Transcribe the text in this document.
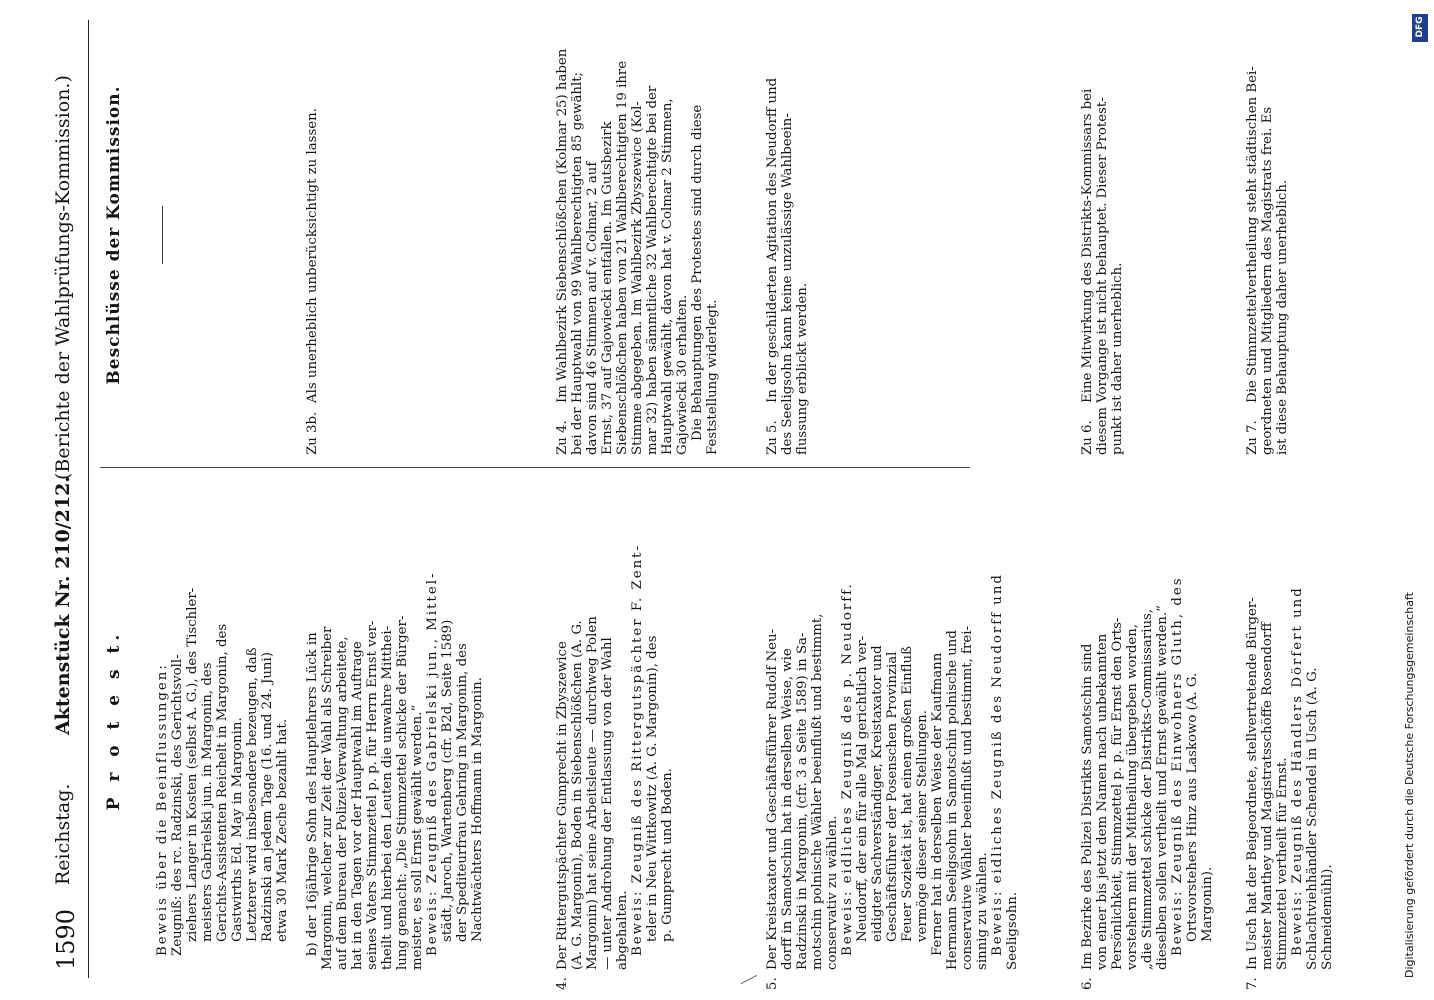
1590
Reichstag.
Aktenstück Nr. 210/212.
(Berichte der Wahlprüfungs-Kommission.)
P r o t e s t. Beweis über die Beeinflussungen: Zeugniß: des rc. Radzinski, des Gerichtsvoll- ziehers Langer in Kosten (selbst A. G.), des Tischler- meisters Gabrielski jun. in Margonin, des Gerichts-Assistenten Reichelt in Margonin, des Gastwirths Ed. May in Margonin. Letzterer wird insbesondere bezeugen, daß Radzinski an jedem Tage (16. und 24. Juni) etwa 30 Mark Zeche bezahlt hat. b) der 16jährige Sohn des Hauptlehrers Lück in Margonin, welcher zur Zeit der Wahl als Schreiber auf dem Bureau der Polizei-Verwaltung arbeitete, hat in den Tagen vor der Hauptwahl im Auftrage seines Vaters Stimmzettel p. p. für Herrn Ernst ver- theilt und hierbei den Leuten die unwahre Mitthei- lung gemacht: „Die Stimmzettel schicke der Bürger- meister, es soll Ernst gewählt werden.“ Beweis: Zeugniß des Gabrielski jun., Mittel- städt, Jaroch, Wartenberg (cfr. B2d, Seite 1589) der Spediteurfrau Gehring in Margonin, des Nachtwächters Hoffmann in Margonin.

4.

Der Rittergutspächter Gumprecht in Zbyszewice (A. G. Margonin), Boden in Siebenschlößchen (A. G. Margonin) hat seine Arbeitsleute — durchweg Polen — unter Androhung der Entlassung von der Wahl abgehalten. Beweis: Zeugniß des Rittergutspächter F. Zent- teler in Neu Wittkowitz (A. G. Margonin), des p. Gumprecht und Boden.

5.

Der Kreistaxator und Geschäftsführer Rudolf Neu- dorff in Samotschin hat in derselben Weise, wie Radzinski in Margonin, (cfr. 3 a Seite 1589) in Sa- motschin polnische Wähler beeinflußt und bestimmt, conservativ zu wählen. Beweis: eidliches Zeugniß des p. Neudorff. Neudorff, der ein für alle Mal gerichtlich ver- eidigter Sachverständiger, Kreistaxator und Geschäftsführer der Posenschen Provinzial Feuer Sozietät ist, hat einen großen Einfluß vermöge dieser seiner Stellungen. Ferner hat in derselben Weise der Kaufmann Hermann Seeligsohn in Samotschin polnische und conservative Wähler beeinflußt und bestimmt, frei- sinnig zu wählen. Beweis: eidliches Zeugniß des Neudorff und Seeligsohn.

6.

Im Bezirke des Polizei Distrikts Samotschin sind von einer bis jetzt dem Namen nach unbekannten Persönlichkeit, Stimmzettel p. p. für Ernst den Orts- vorstehern mit der Mittheilung übergeben worden, „die Stimmzettel schicke der Distrikts-Commissarius, dieselben sollen vertheilt und Ernst gewählt werden.“ Beweis: Zeugniß des Einwohners Gluth, des Ortsvorstehers Hinz aus Laskowo (A. G. Margonin).

7.

In Usch hat der Beigeordnete, stellvertretende Bürger- meister Manthey und Magistratsschöffe Rosendorff Stimmzettel vertheilt für Ernst. Beweis: Zeugniß des Händlers Dörfert und Schlachtviehhändler Schendel in Usch (A. G. Schneidemühl).

Beschlüsse der Kommission.
Zu 3b.

Als unerheblich unberücksichtigt zu lassen.

Zu 4.

Im Wahlbezirk Siebenschlößchen (Kolmar 25) haben bei der Hauptwahl von 99 Wahlberechtigten 85 gewählt; davon sind 46 Stimmen auf v. Colmar, 2 auf Ernst, 37 auf Gajowiecki entfallen. Im Gutsbezirk Siebenschlößchen haben von 21 Wahlberechtigten 19 ihre Stimme abgegeben. Im Wahlbezirk Zbyszewice (Kol- mar 32) haben sämmtliche 32 Wahlberechtigte bei der Hauptwahl gewählt, davon hat v. Colmar 2 Stimmen, Gajowiecki 30 erhalten. Die Behauptungen des Protestes sind durch diese Feststellung widerlegt.	Zu 5.

In der geschilderten Agitation des Neudorff und des Seeligsohn kann keine unzulässige Wahlbeein- flussung erblickt werden.	Zu 6.

Eine Mitwirkung des Distrikts-Kommissars bei diesem Vorgange ist nicht behauptet. Dieser Protest- punkt ist daher unerheblich.	Zu 7.

Die Stimmzettelvertheilung steht städtischen Bei- geordneten und Mitgliedern des Magistrats frei. Es ist diese Behauptung daher unerheblich.

DFG
Digitalisierung gefördert durch die Deutsche Forschungsgemeinschaft
